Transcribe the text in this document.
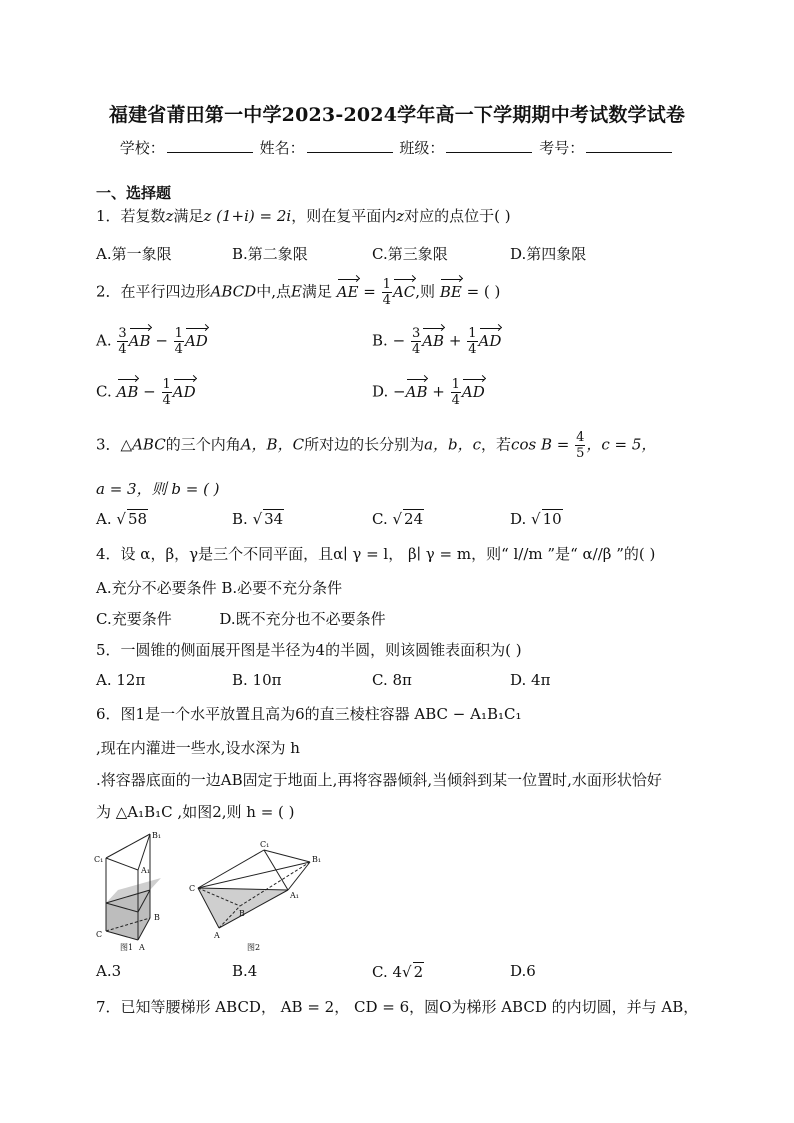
福建省莆田第一中学2023-2024学年高一下学期期中考试数学试卷
学校：	姓名：	班级：	考号：
一、选择题
1．若复数z满足z (1+i) = 2i，则在复平面内z对应的点位于( )
A.第一象限	B.第二象限	C.第三象限	D.第四象限
2．在平行四边形ABCD中,点E满足 AE = $\frac{1}{4}$ AC,则 BE = ( )
A. $\frac{3}{4}$ AB − $\frac{1}{4}$ AD	B. − $\frac{3}{4}$ AB + $\frac{1}{4}$ AD
C. AB − $\frac{1}{4}$ AD	D. $-AB + \frac{1}{4}$ AD
3．△ABC的三个内角A，B，C所对边的长分别为a，b，c，若$\cos B = \frac{4}{5}$ ，c = 5，
a = 3，则 b = ( )
A. √ 58	B. √ 34	C. √ 24	D. √ 10
4．设 α，β，γ是三个不同平面，且α∣ γ = l， β∣ γ = m，则“ l//m ”是“ α//β ”的( )
A.充分不必要条件 B.必要不充分条件
C.充要条件          D.既不充分也不必要条件
5．一圆锥的侧面展开图是半径为4的半圆，则该圆锥表面积为( )
A. 12π	B. 10π	C. 8π	D. 4π
6．图1是一个水平放置且高为6的直三棱柱容器 ABC − A₁B₁C₁
,现在内灌进一些水,设水深为 h
.将容器底面的一边AB固定于地面上,再将容器倾斜,当倾斜到某一位置时,水面形状恰好
为 △A₁B₁C ,如图2,则 h = ( )
B₁
C₁
A₁
B
C
A
图1
C₁
B₁
C
A₁
B
A
图2
A.3	B.4	C. 4√ 2	D.6
7．已知等腰梯形 ABCD， AB = 2， CD = 6，圆O为梯形 ABCD 的内切圆，并与 AB，
